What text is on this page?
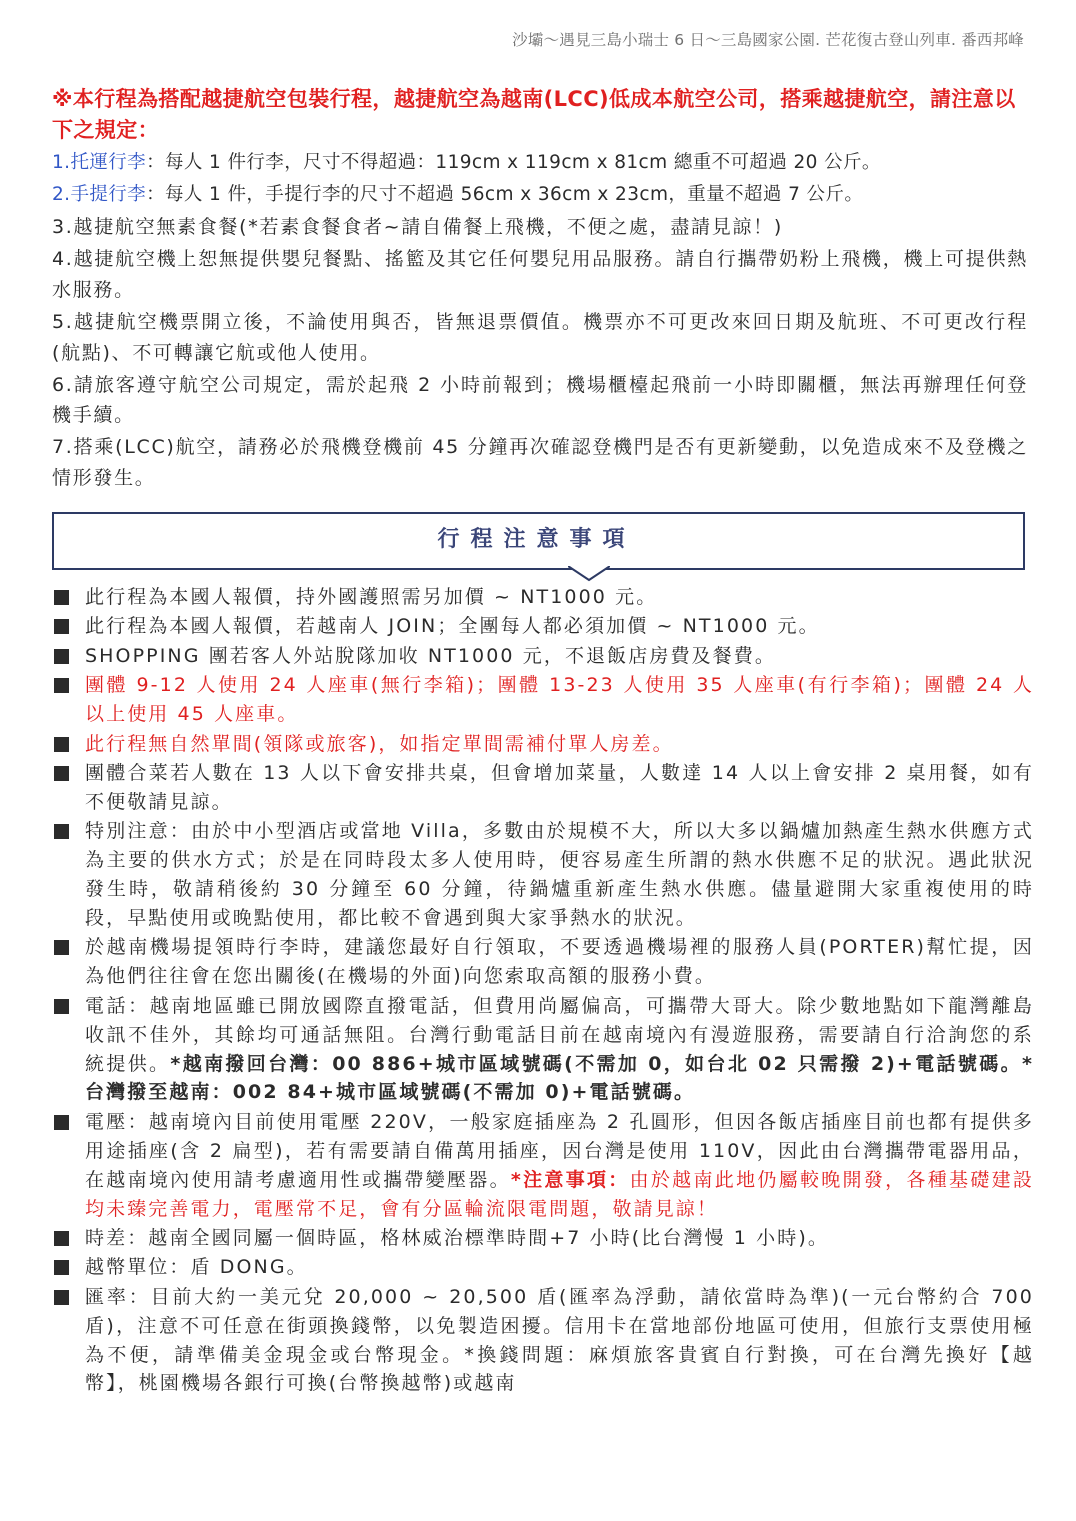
沙壩～遇見三島小瑞士 6 日～三島國家公園. 芒花復古登山列車. 番西邦峰
※本行程為搭配越捷航空包裝行程，越捷航空為越南(LCC)低成本航空公司，搭乘越捷航空，請注意以下之規定：
1.托運行李：每人 1 件行李，尺寸不得超過：119cm x 119cm x 81cm 總重不可超過 20 公斤。
2.手提行李：每人 1 件，手提行李的尺寸不超過 56cm x 36cm x 23cm，重量不超過 7 公斤。
3.越捷航空無素食餐(*若素食餐食者~請自備餐上飛機，不便之處，盡請見諒！)
4.越捷航空機上恕無提供嬰兒餐點、搖籃及其它任何嬰兒用品服務。請自行攜帶奶粉上飛機，機上可提供熱水服務。
5.越捷航空機票開立後，不論使用與否，皆無退票價值。機票亦不可更改來回日期及航班、不可更改行程(航點)、不可轉讓它航或他人使用。
6.請旅客遵守航空公司規定，需於起飛 2 小時前報到；機場櫃檯起飛前一小時即關櫃，無法再辦理任何登機手續。
7.搭乘(LCC)航空，請務必於飛機登機前 45 分鐘再次確認登機門是否有更新變動，以免造成來不及登機之情形發生。
行程注意事項
此行程為本國人報價，持外國護照需另加價 ~ NT1000 元。
此行程為本國人報價，若越南人 JOIN；全團每人都必須加價 ~ NT1000 元。
SHOPPING 團若客人外站脫隊加收 NT1000 元，不退飯店房費及餐費。
團體 9-12 人使用 24 人座車(無行李箱)；團體 13-23 人使用 35 人座車(有行李箱)；團體 24 人以上使用 45 人座車。
此行程無自然單間(領隊或旅客)，如指定單間需補付單人房差。
團體合菜若人數在 13 人以下會安排共桌，但會增加菜量，人數達 14 人以上會安排 2 桌用餐，如有不便敬請見諒。
特別注意：由於中小型酒店或當地 Villa，多數由於規模不大，所以大多以鍋爐加熱產生熱水供應方式為主要的供水方式；於是在同時段太多人使用時，便容易產生所謂的熱水供應不足的狀況。遇此狀況發生時，敬請稍後約 30 分鐘至 60 分鐘，待鍋爐重新產生熱水供應。儘量避開大家重複使用的時段，早點使用或晚點使用，都比較不會遇到與大家爭熱水的狀況。
於越南機場提領時行李時，建議您最好自行領取，不要透過機場裡的服務人員(PORTER)幫忙提，因為他們往往會在您出關後(在機場的外面)向您索取高額的服務小費。
電話：越南地區雖已開放國際直撥電話，但費用尚屬偏高，可攜帶大哥大。除少數地點如下龍灣離島收訊不佳外，其餘均可通話無阻。台灣行動電話目前在越南境內有漫遊服務，需要請自行洽詢您的系統提供。*越南撥回台灣：00 886+城市區域號碼(不需加 0，如台北 02 只需撥 2)+電話號碼。*台灣撥至越南：002 84+城市區域號碼(不需加 0)+電話號碼。
電壓：越南境內目前使用電壓 220V，一般家庭插座為 2 孔圓形，但因各飯店插座目前也都有提供多用途插座(含 2 扁型)，若有需要請自備萬用插座，因台灣是使用 110V，因此由台灣攜帶電器用品，在越南境內使用請考慮適用性或攜帶變壓器。*注意事項：由於越南此地仍屬較晚開發，各種基礎建設均未臻完善電力，電壓常不足，會有分區輪流限電問題，敬請見諒！
時差：越南全國同屬一個時區，格林威治標準時間+7 小時(比台灣慢 1 小時)。
越幣單位：盾 DONG。
匯率：目前大約一美元兌 20,000 ~ 20,500 盾(匯率為浮動，請依當時為準)(一元台幣約合 700 盾)，注意不可任意在街頭換錢幣，以免製造困擾。信用卡在當地部份地區可使用，但旅行支票使用極為不便，請準備美金現金或台幣現金。*換錢問題：麻煩旅客貴賓自行對換，可在台灣先換好【越幣】，桃園機場各銀行可換(台幣換越幣)或越南
